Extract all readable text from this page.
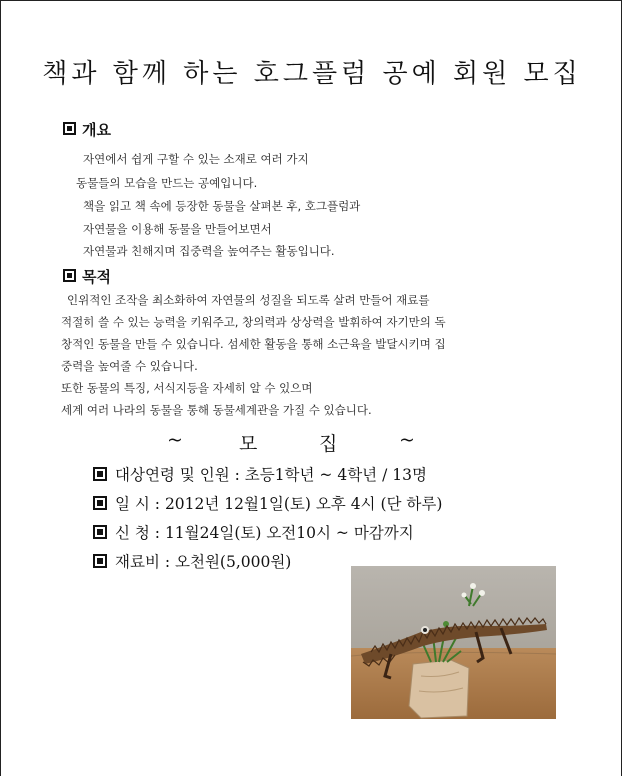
책과 함께 하는 호그플럼 공예 회원 모집
개요
자연에서 쉽게 구할 수 있는 소재로 여러 가지
동물들의 모습을 만드는 공예입니다.
책을 읽고 책 속에 등장한 동물을 살펴본 후, 호그플럼과
자연물을 이용해 동물을 만들어보면서
자연물과 친해지며 집중력을 높여주는 활동입니다.
목적
인위적인 조작을 최소화하여 자연물의 성질을 되도록 살려 만들어 재료를
적절히 쓸 수 있는 능력을 키워주고, 창의력과 상상력을 발휘하여 자기만의 독
창적인 동물을 만들 수 있습니다. 섬세한 활동을 통해 소근육을 발달시키며 집
중력을 높여줄 수 있습니다.
또한 동물의 특징, 서식지등을 자세히 알 수 있으며
세계 여러 나라의 동물을 통해 동물세계관을 가질 수 있습니다.
~	모	집	~
대상연령 및 인원 : 초등1학년 ~ 4학년 / 13명
일 시 : 2012년 12월1일(토) 오후 4시 (단 하루)
신 청 : 11월24일(토) 오전10시 ~ 마감까지
재료비 : 오천원(5,000원)
